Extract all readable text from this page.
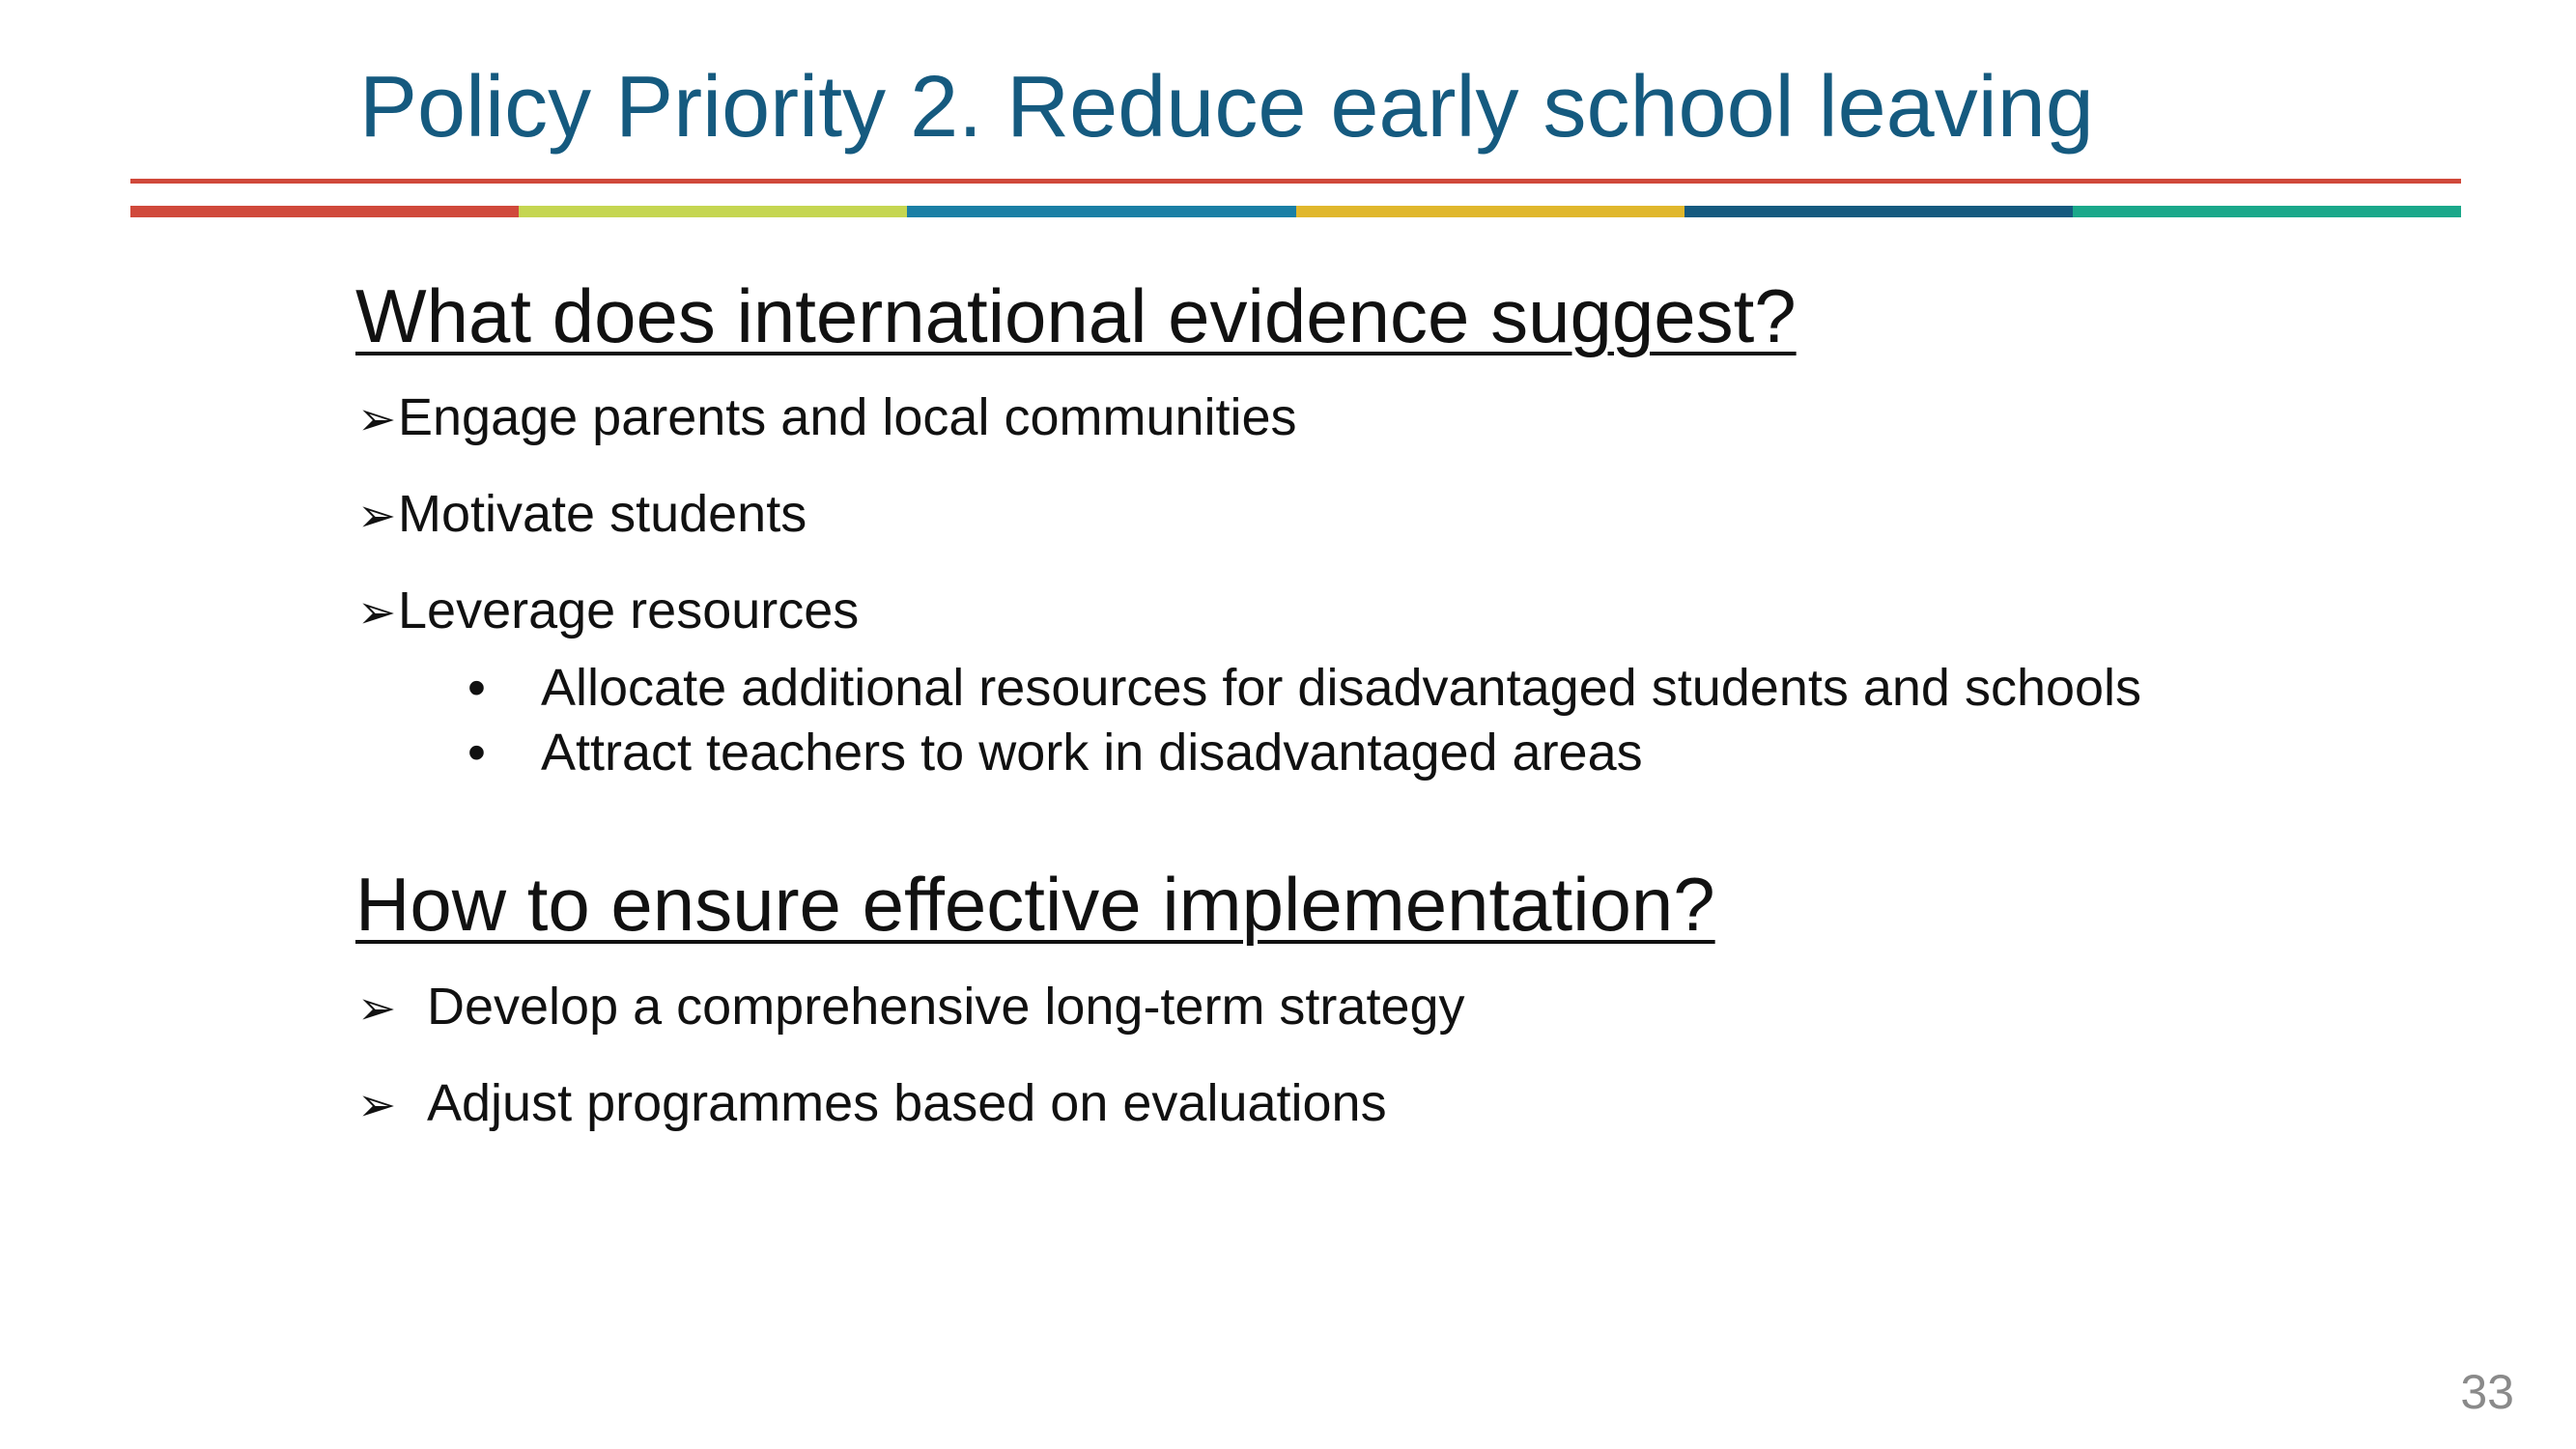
Policy Priority 2. Reduce early school leaving
What does international evidence suggest?
➢ Engage parents and local communities
➢ Motivate students
➢ Leverage resources
•	Allocate additional resources for disadvantaged students and schools
•	Attract teachers to work in disadvantaged areas
How to ensure effective implementation?
➢ Develop a comprehensive long-term strategy
➢ Adjust programmes based on evaluations
33
